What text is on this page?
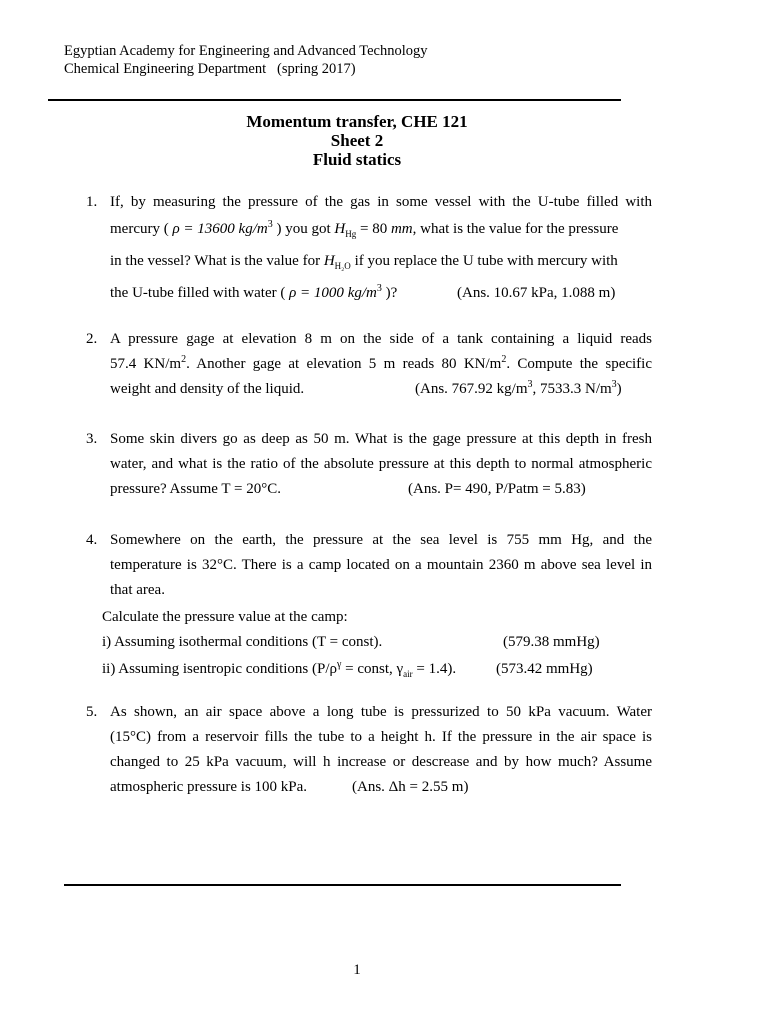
Egyptian Academy for Engineering and Advanced Technology
Chemical Engineering Department   (spring 2017)
Momentum transfer, CHE 121
Sheet 2
Fluid statics
1. If, by measuring the pressure of the gas in some vessel with the U-tube filled with
mercury ( ρ = 13600 $kg/m^3$ ) you got $H_{Hg} = 80$ mm, what is the value for the pressure
in the vessel? What is the value for $H_{H_2O}$ if you replace the U tube with mercury with
the U-tube filled with water ( ρ = 1000 $kg/m^3$ )?	(Ans. 10.67 kPa, 1.088 m)
2. A pressure gage at elevation 8 m on the side of a tank containing a liquid reads
57.4 $KN/m^2$. Another gage at elevation 5 m reads 80 $KN/m^2$. Compute the specific
weight and density of the liquid.	(Ans. 767.92 $kg/m^3$, 7533.3 $N/m^3$)
3. Some skin divers go as deep as 50 m. What is the gage pressure at this depth in fresh
water, and what is the ratio of the absolute pressure at this depth to normal atmospheric
pressure? Assume T = 20°C.	(Ans. P= 490, P/Patm = 5.83)
4. Somewhere on the earth, the pressure at the sea level is 755 mm Hg, and the
temperature is 32°C. There is a camp located on a mountain 2360 m above sea level in
that area.
Calculate the pressure value at the camp:
i) Assuming isothermal conditions (T = const).	(579.38 mmHg)
ii) Assuming isentropic conditions ($P/\rho^\gamma$ = const, $\gamma_{air} = 1.4$).	(573.42 mmHg)
5. As shown, an air space above a long tube is pressurized to 50 kPa vacuum. Water
(15°C) from a reservoir fills the tube to a height h. If the pressure in the air space is
changed to 25 kPa vacuum, will h increase or descrease and by how much? Assume
atmospheric pressure is 100 kPa.	(Ans. Δh = 2.55 m)
1
